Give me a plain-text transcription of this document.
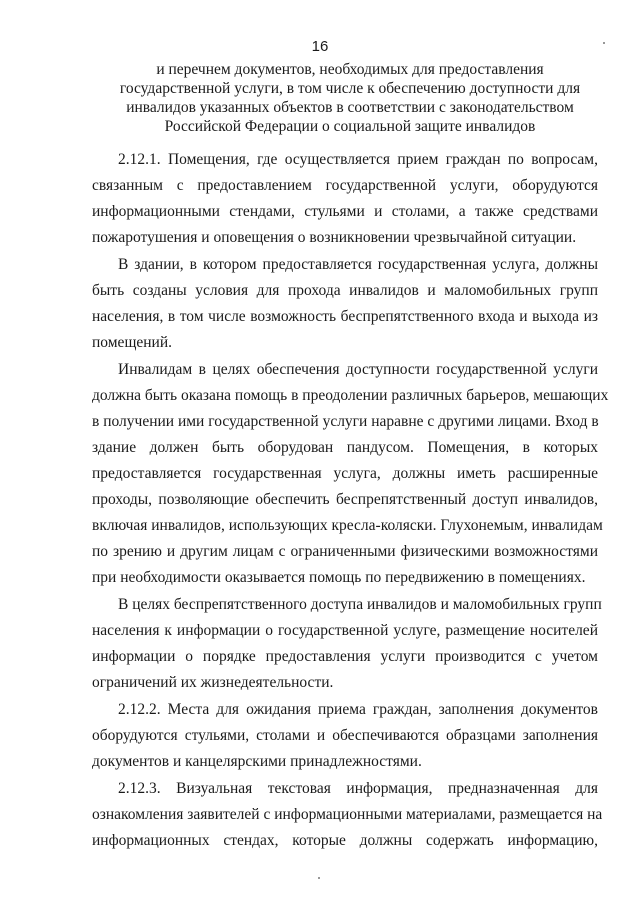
16
и перечнем документов, необходимых для предоставления
государственной услуги, в том числе к обеспечению доступности для
инвалидов указанных объектов в соответствии с законодательством
Российской Федерации о социальной защите инвалидов
2.12.1. Помещения, где осуществляется прием граждан по вопросам,
связанным с предоставлением государственной услуги, оборудуются
информационными стендами, стульями и столами, а также средствами
пожаротушения и оповещения о возникновении чрезвычайной ситуации.
В здании, в котором предоставляется государственная услуга, должны
быть созданы условия для прохода инвалидов и маломобильных групп
населения, в том числе возможность беспрепятственного входа и выхода из
помещений.
Инвалидам в целях обеспечения доступности государственной услуги
должна быть оказана помощь в преодолении различных барьеров, мешающих
в получении ими государственной услуги наравне с другими лицами. Вход в
здание должен быть оборудован пандусом. Помещения, в которых
предоставляется государственная услуга, должны иметь расширенные
проходы, позволяющие обеспечить беспрепятственный доступ инвалидов,
включая инвалидов, использующих кресла-коляски. Глухонемым, инвалидам
по зрению и другим лицам с ограниченными физическими возможностями
при необходимости оказывается помощь по передвижению в помещениях.
В целях беспрепятственного доступа инвалидов и маломобильных групп
населения к информации о государственной услуге, размещение носителей
информации о порядке предоставления услуги производится с учетом
ограничений их жизнедеятельности.
2.12.2. Места для ожидания приема граждан, заполнения документов
оборудуются стульями, столами и обеспечиваются образцами заполнения
документов и канцелярскими принадлежностями.
2.12.3. Визуальная текстовая информация, предназначенная для
ознакомления заявителей с информационными материалами, размещается на
информационных стендах, которые должны содержать информацию,
